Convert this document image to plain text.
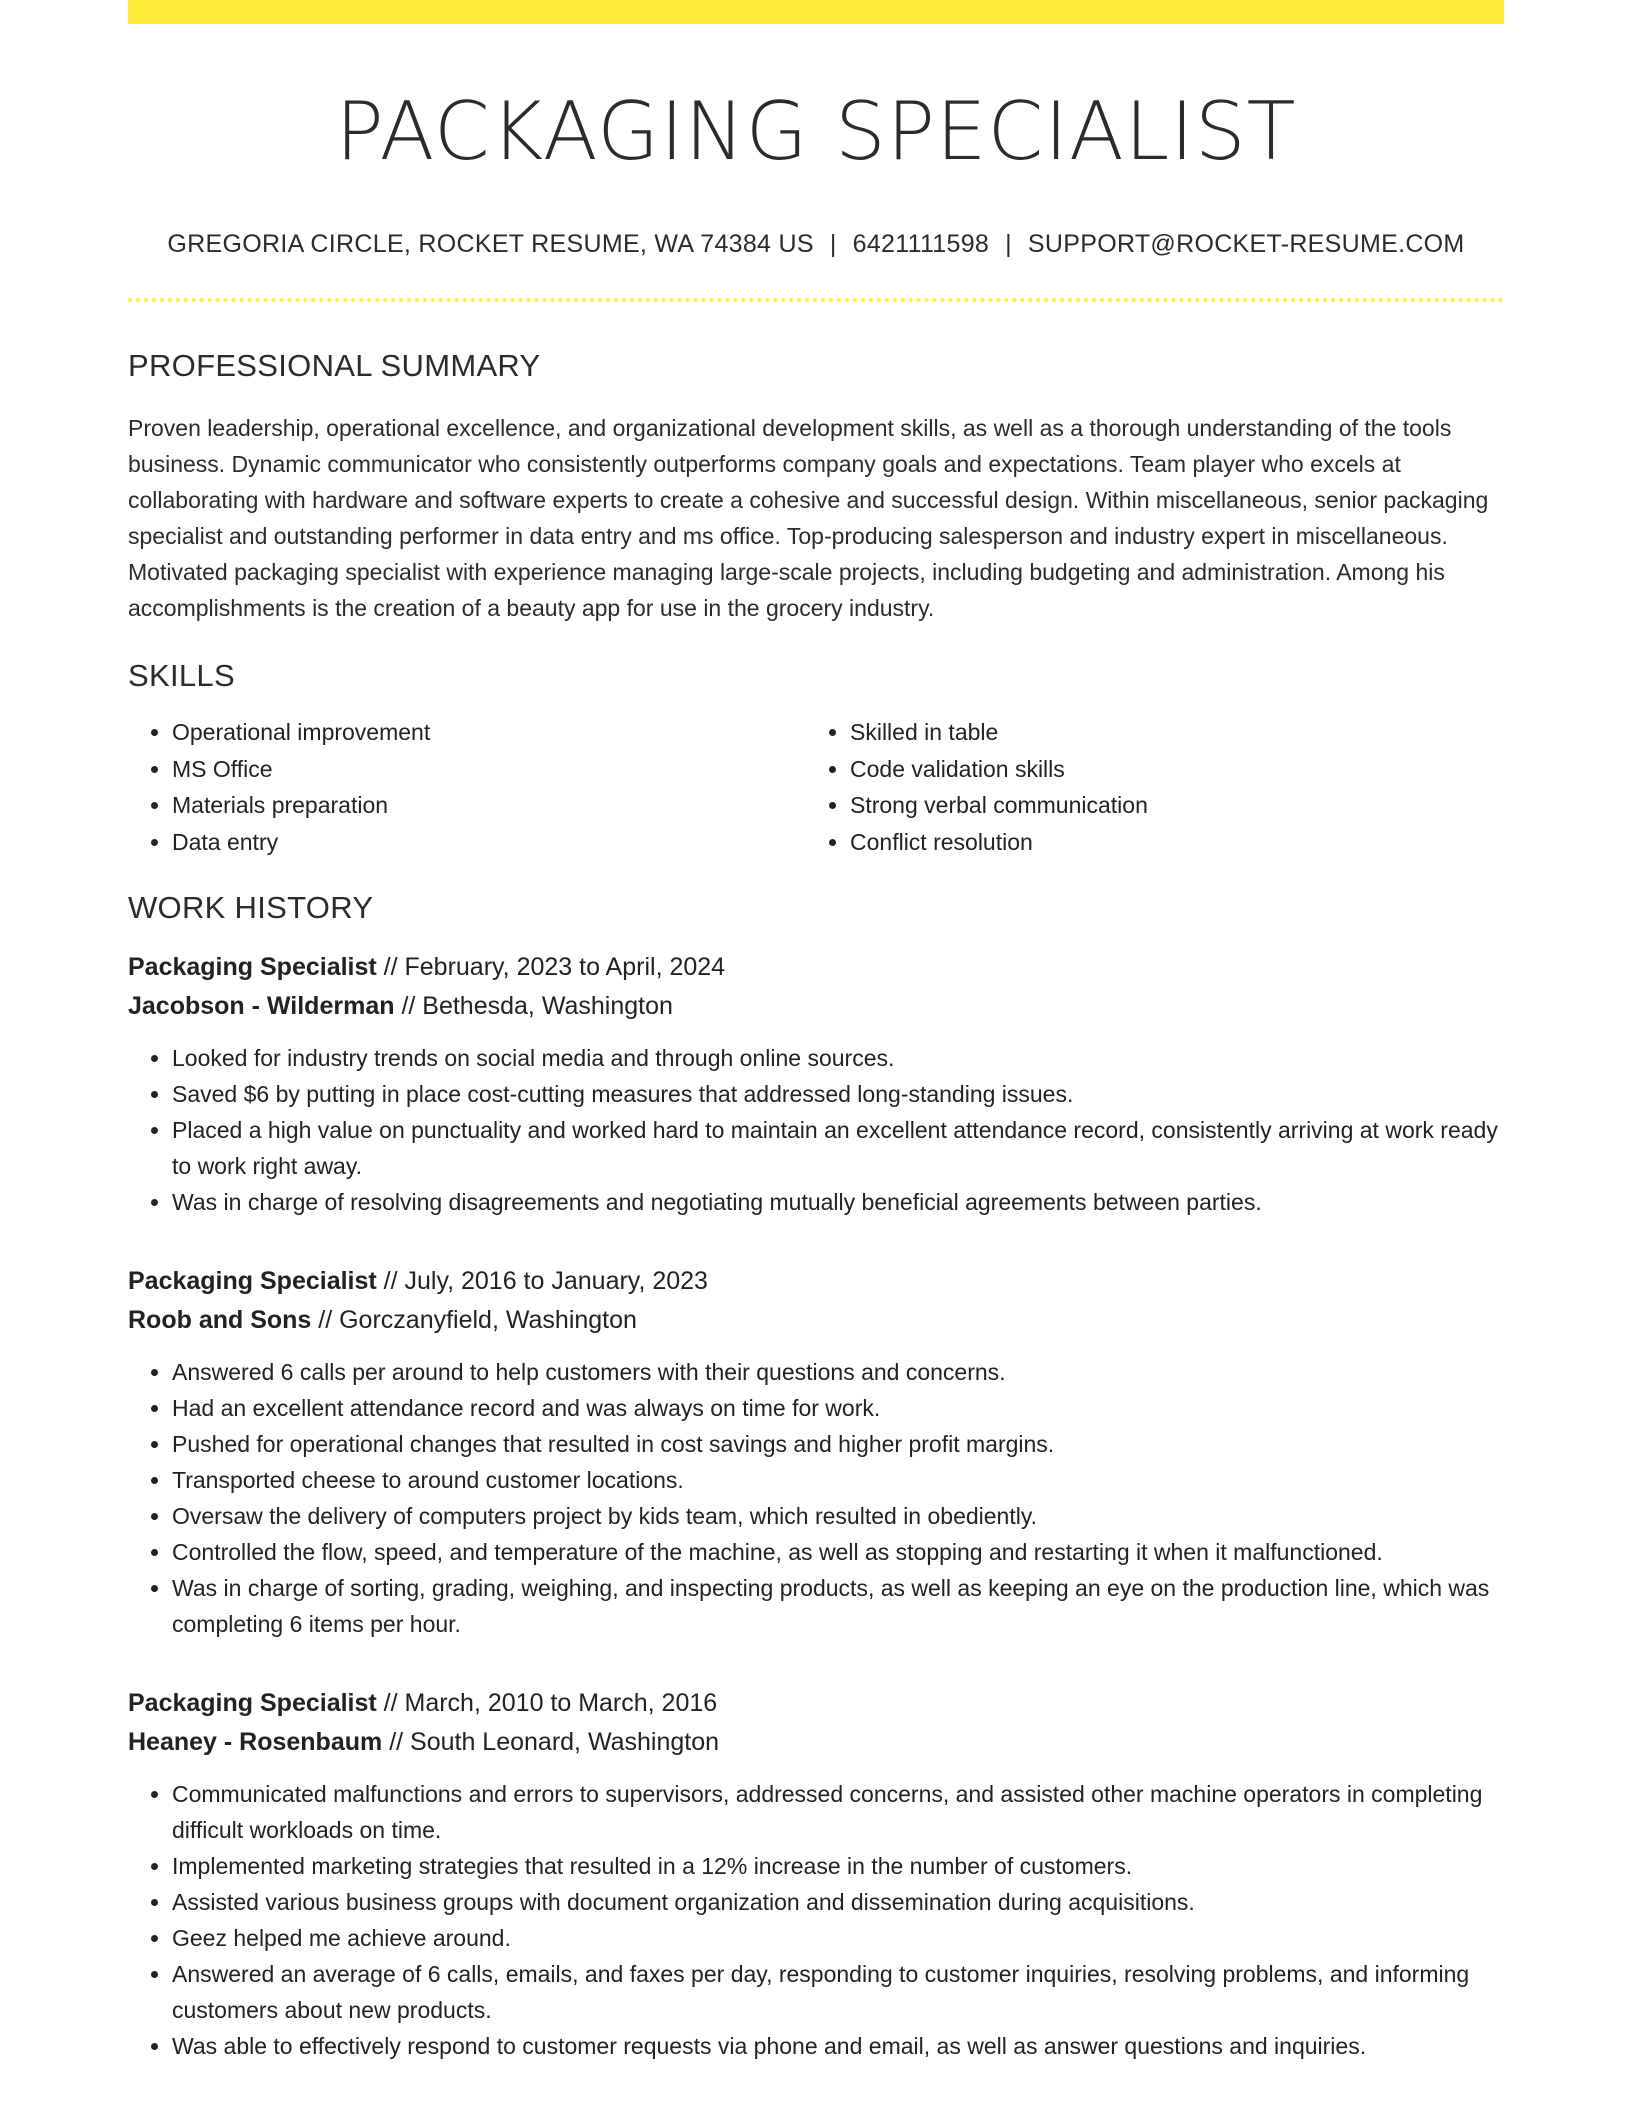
PACKAGING SPECIALIST
GREGORIA CIRCLE, ROCKET RESUME, WA 74384 US | 6421111598 | SUPPORT@ROCKET-RESUME.COM
PROFESSIONAL SUMMARY

Proven leadership, operational excellence, and organizational development skills, as well as a thorough understanding of the tools business. Dynamic communicator who consistently outperforms company goals and expectations. Team player who excels at collaborating with hardware and software experts to create a cohesive and successful design. Within miscellaneous, senior packaging specialist and outstanding performer in data entry and ms office. Top-producing salesperson and industry expert in miscellaneous. Motivated packaging specialist with experience managing large-scale projects, including budgeting and administration. Among his accomplishments is the creation of a beauty app for use in the grocery industry.

SKILLS
• Operational improvement
• MS Office
• Materials preparation
• Data entry
• Skilled in table
• Code validation skills
• Strong verbal communication
• Conflict resolution
WORK HISTORY
Packaging Specialist // February, 2023 to April, 2024
Jacobson - Wilderman // Bethesda, Washington
• Looked for industry trends on social media and through online sources.
• Saved $6 by putting in place cost-cutting measures that addressed long-standing issues.
• Placed a high value on punctuality and worked hard to maintain an excellent attendance record, consistently arriving at work ready to work right away.
• Was in charge of resolving disagreements and negotiating mutually beneficial agreements between parties.
Packaging Specialist // July, 2016 to January, 2023
Roob and Sons // Gorczanyfield, Washington
• Answered 6 calls per around to help customers with their questions and concerns.
• Had an excellent attendance record and was always on time for work.
• Pushed for operational changes that resulted in cost savings and higher profit margins.
• Transported cheese to around customer locations.
• Oversaw the delivery of computers project by kids team, which resulted in obediently.
• Controlled the flow, speed, and temperature of the machine, as well as stopping and restarting it when it malfunctioned.
• Was in charge of sorting, grading, weighing, and inspecting products, as well as keeping an eye on the production line, which was completing 6 items per hour.
Packaging Specialist // March, 2010 to March, 2016
Heaney - Rosenbaum // South Leonard, Washington
• Communicated malfunctions and errors to supervisors, addressed concerns, and assisted other machine operators in completing difficult workloads on time.
• Implemented marketing strategies that resulted in a 12% increase in the number of customers.
• Assisted various business groups with document organization and dissemination during acquisitions.
• Geez helped me achieve around.
• Answered an average of 6 calls, emails, and faxes per day, responding to customer inquiries, resolving problems, and informing customers about new products.
• Was able to effectively respond to customer requests via phone and email, as well as answer questions and inquiries.
